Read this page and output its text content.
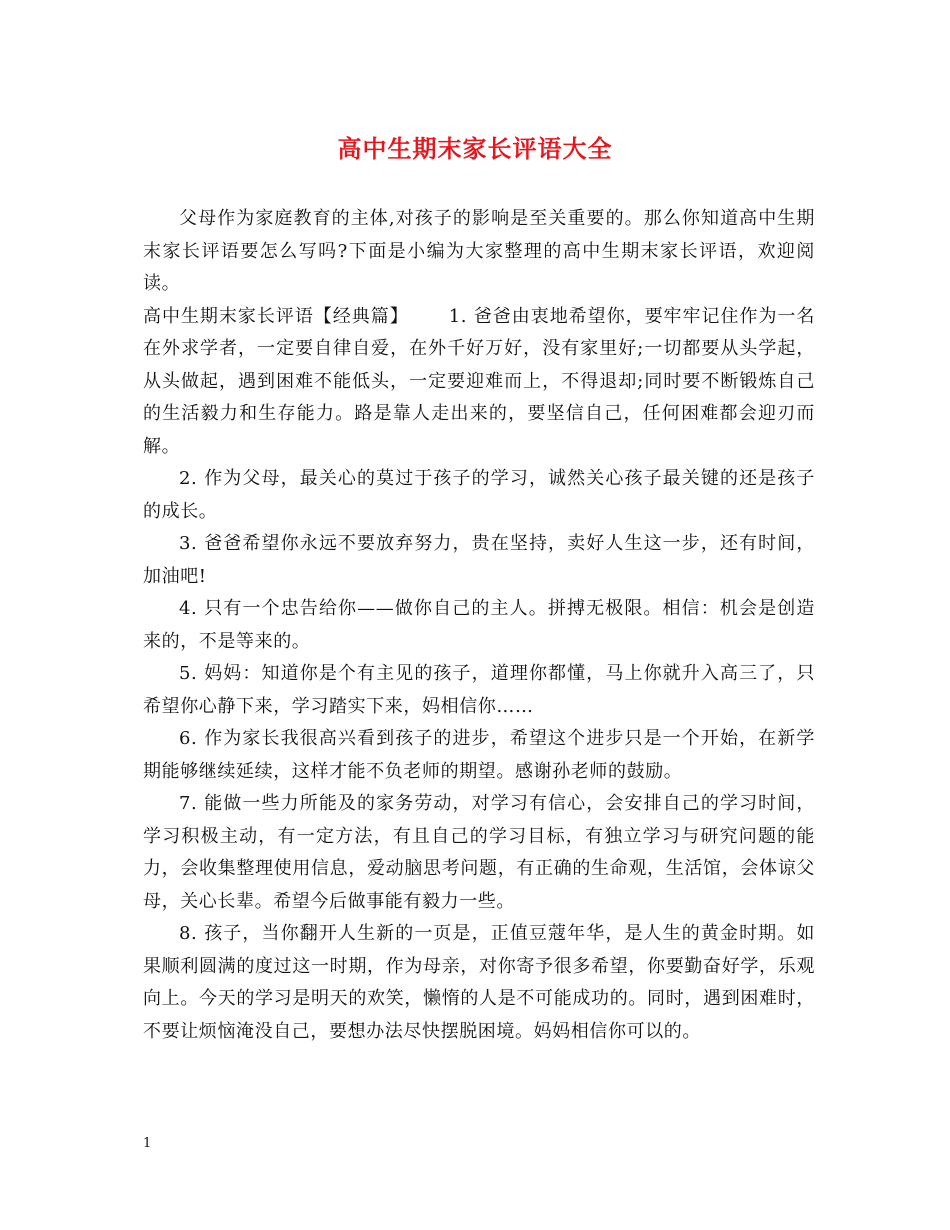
高中生期末家长评语大全

父母作为家庭教育的主体,对孩子的影响是至关重要的。那么你知道高中生期末家长评语要怎么写吗?下面是小编为大家整理的高中生期末家长评语，欢迎阅读。

高中生期末家长评语【经典篇】 1. 爸爸由衷地希望你，要牢牢记住作为一名在外求学者，一定要自律自爱，在外千好万好，没有家里好;一切都要从头学起，从头做起，遇到困难不能低头，一定要迎难而上，不得退却;同时要不断锻炼自己的生活毅力和生存能力。路是靠人走出来的，要坚信自己，任何困难都会迎刃而解。

2. 作为父母，最关心的莫过于孩子的学习，诚然关心孩子最关键的还是孩子的成长。

3. 爸爸希望你永远不要放弃努力，贵在坚持，卖好人生这一步，还有时间，加油吧!

4. 只有一个忠告给你——做你自己的主人。拼搏无极限。相信：机会是创造来的，不是等来的。

5. 妈妈：知道你是个有主见的孩子，道理你都懂，马上你就升入高三了，只希望你心静下来，学习踏实下来，妈相信你……

6. 作为家长我很高兴看到孩子的进步，希望这个进步只是一个开始，在新学期能够继续延续，这样才能不负老师的期望。感谢孙老师的鼓励。

7. 能做一些力所能及的家务劳动，对学习有信心，会安排自己的学习时间，学习积极主动，有一定方法，有且自己的学习目标，有独立学习与研究问题的能力，会收集整理使用信息，爱动脑思考问题，有正确的生命观，生活馆，会体谅父母，关心长辈。希望今后做事能有毅力一些。

8. 孩子，当你翻开人生新的一页是，正值豆蔻年华，是人生的黄金时期。如果顺利圆满的度过这一时期，作为母亲，对你寄予很多希望，你要勤奋好学，乐观向上。今天的学习是明天的欢笑，懒惰的人是不可能成功的。同时，遇到困难时，不要让烦恼淹没自己，要想办法尽快摆脱困境。妈妈相信你可以的。

1
